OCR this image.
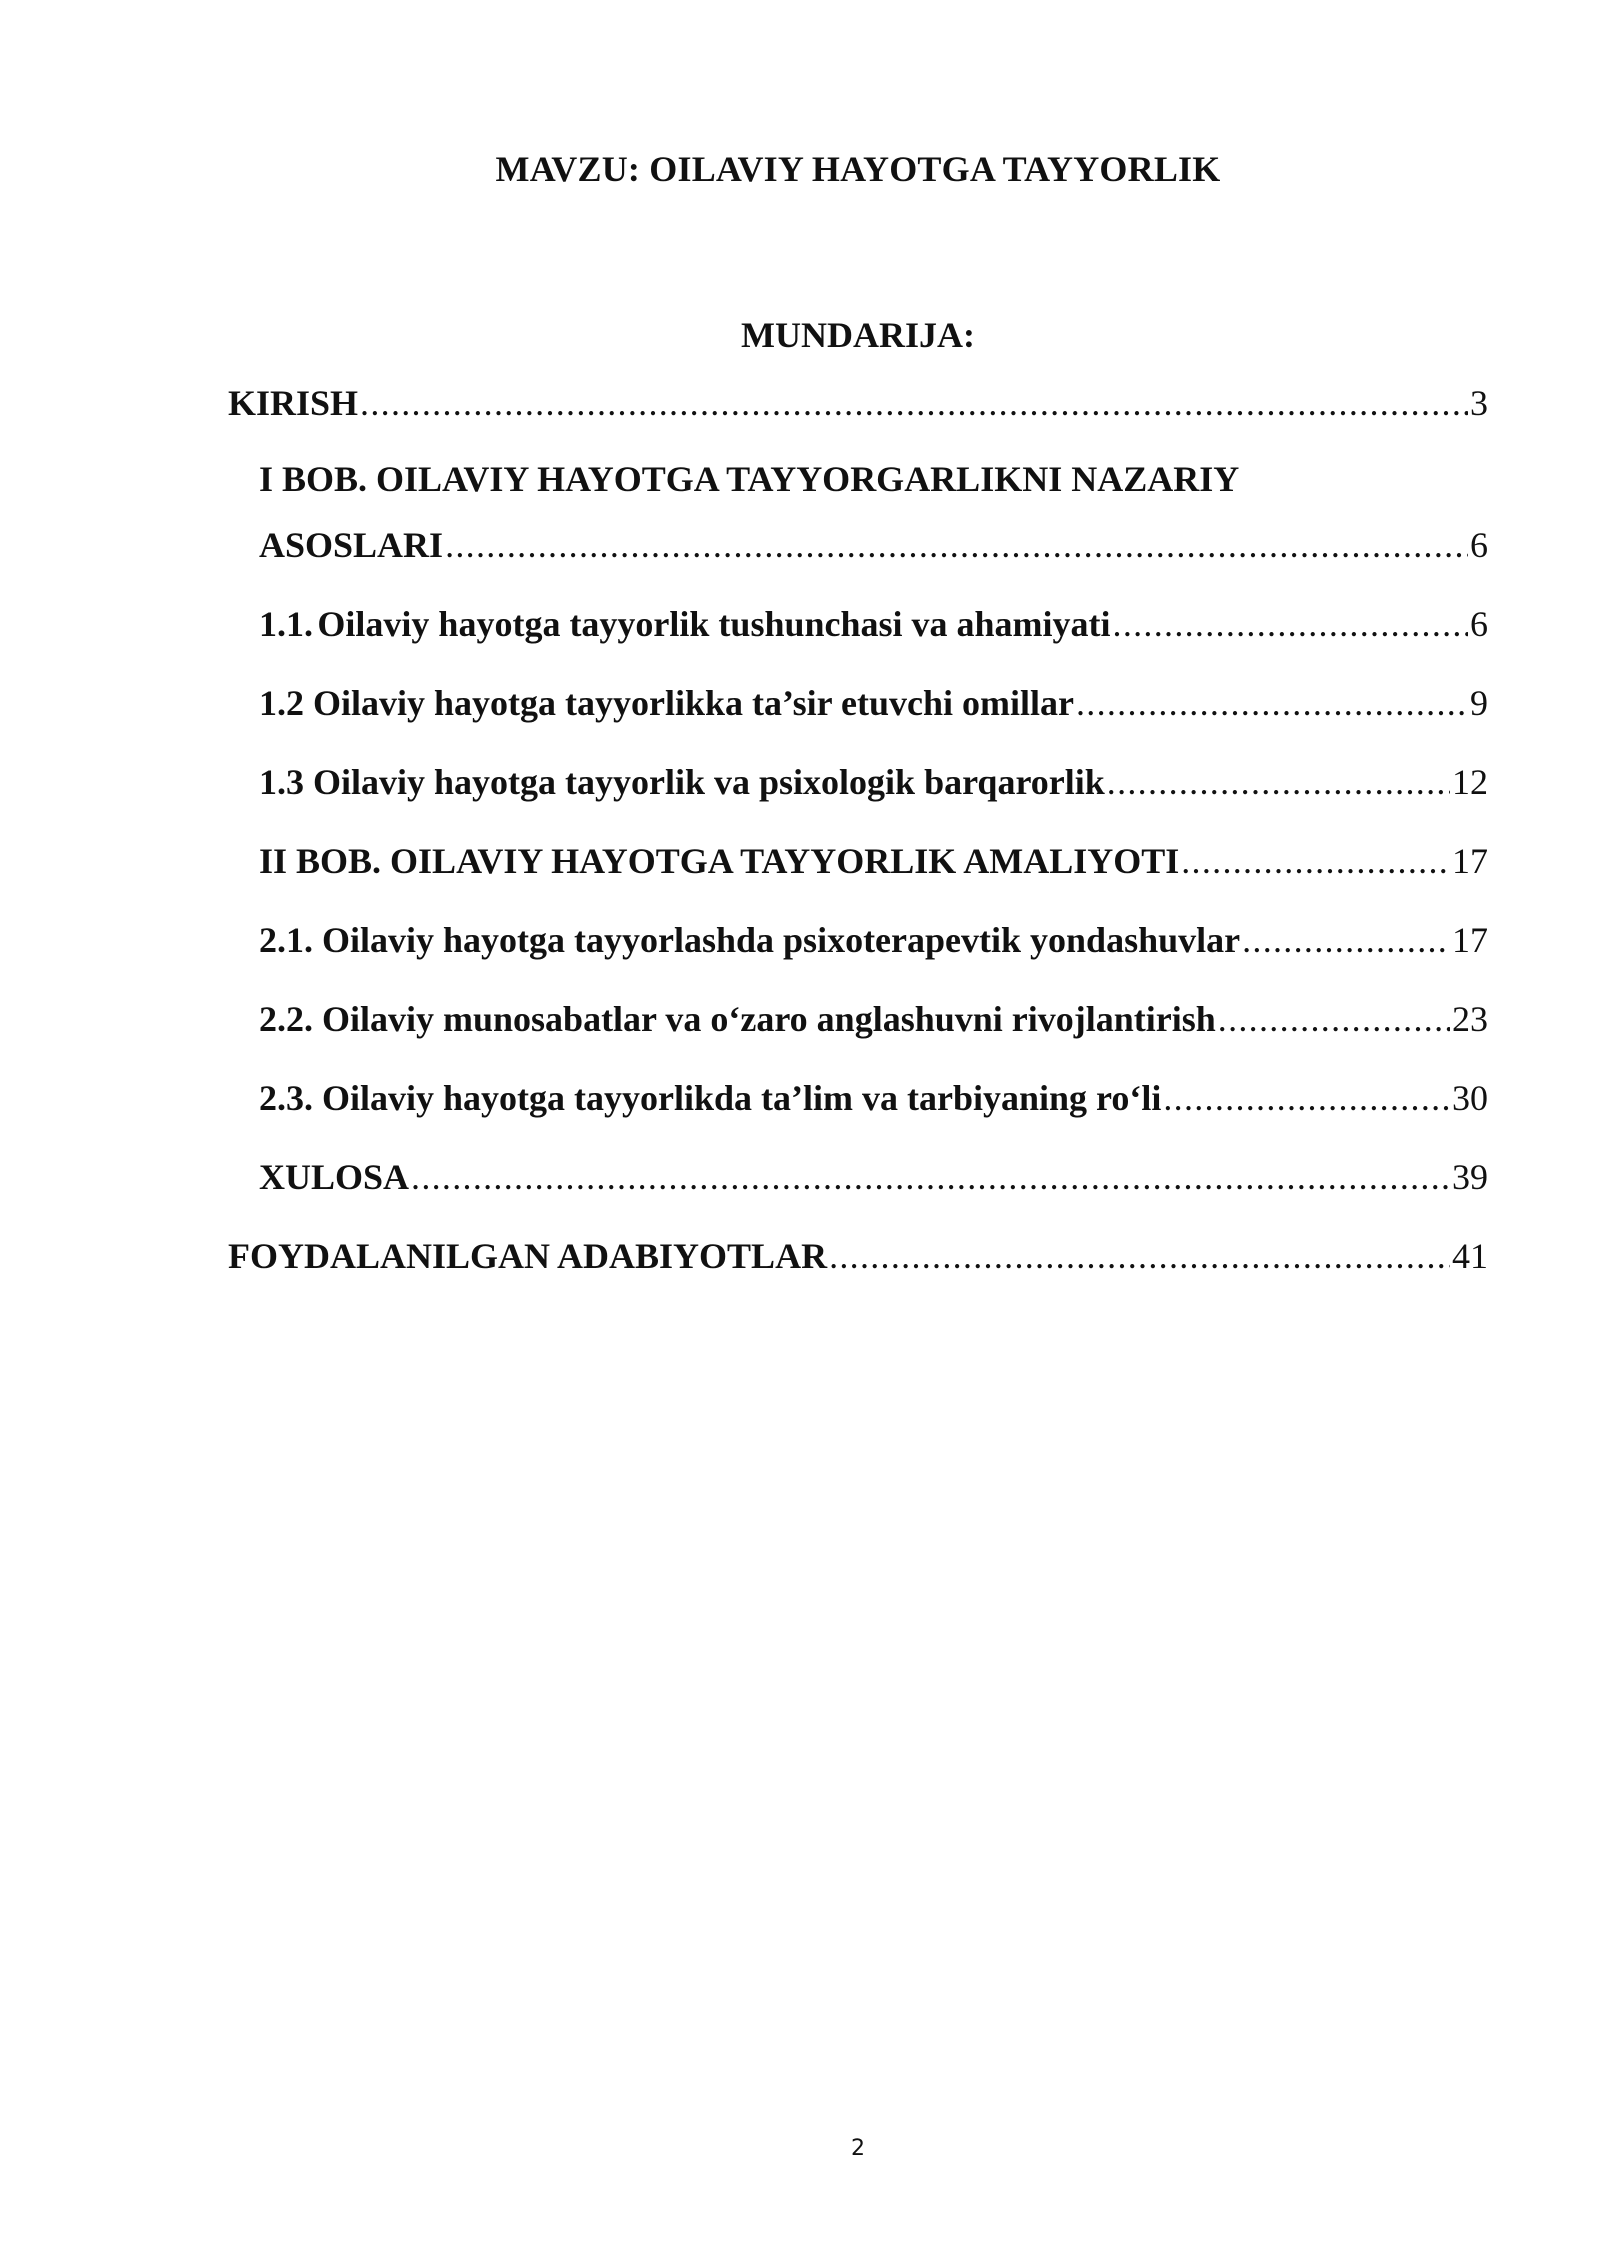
MAVZU: OILAVIY HAYOTGA TAYYORLIK
MUNDARIJA:
KIRISH .....	3
I BOB. OILAVIY HAYOTGA TAYYORGARLIKNI NAZARIY
ASOSLARI .....	6
1.1. Oilaviy hayotga tayyorlik tushunchasi va ahamiyati .....	6
1.2 Oilaviy hayotga tayyorlikka ta’sir etuvchi omillar .....	9
1.3 Oilaviy hayotga tayyorlik va psixologik barqarorlik .....	12
II BOB. OILAVIY HAYOTGA TAYYORLIK AMALIYOTI .....	17
2.1. Oilaviy hayotga tayyorlashda psixoterapevtik yondashuvlar .....	17
2.2. Oilaviy munosabatlar va o‘zaro anglashuvni rivojlantirish .....	23
2.3. Oilaviy hayotga tayyorlikda ta’lim va tarbiyaning ro‘li .....	30
XULOSA .....	39
FOYDALANILGAN ADABIYOTLAR .....	41
2
